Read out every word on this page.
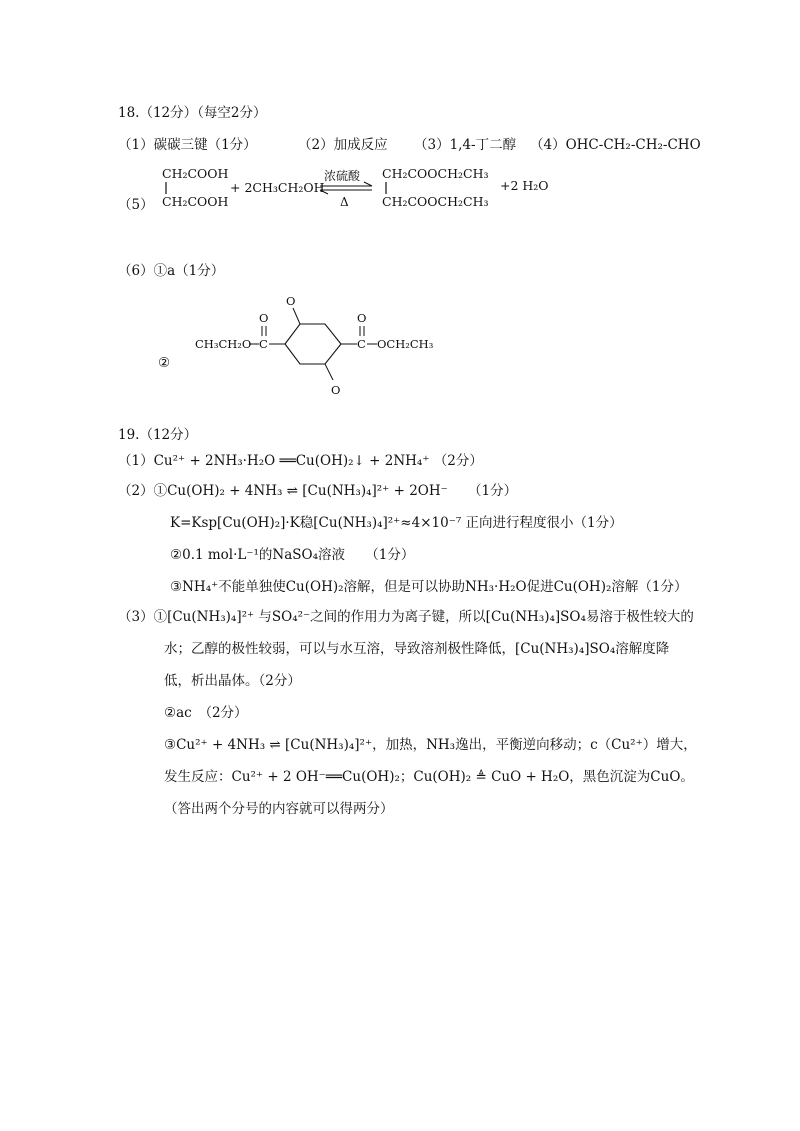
18.（12分）（每空2分）
（1）碳碳三键（1分）	（2）加成反应 （3）1,4-丁二醇 （4）OHC-CH₂-CH₂-CHO
（5）
CH₂COOH
CH₂COOH
+ 2CH₃CH₂OH
浓硫酸
Δ
CH₂COOCH₂CH₃
CH₂COOCH₂CH₃
+2 H₂O
（6）①a（1分）
②
CH₃CH₂O C
O
O
O
C
O
OCH₂CH₃
19.（12分）
（1）Cu²⁺ + 2NH₃·H₂O ══Cu(OH)₂↓ + 2NH₄⁺ （2分）
（2）①Cu(OH)₂ + 4NH₃ ⇌ [Cu(NH₃)₄]²⁺ + 2OH⁻　　（1分）
K=Ksp[Cu(OH)₂]·K稳[Cu(NH₃)₄]²⁺≈4×10⁻⁷ 正向进行程度很小（1分）
②0.1 mol·L⁻¹的NaSO₄溶液　　（1分）
③NH₄⁺不能单独使Cu(OH)₂溶解，但是可以协助NH₃·H₂O促进Cu(OH)₂溶解（1分）
（3）①[Cu(NH₃)₄]²⁺ 与SO₄²⁻之间的作用力为离子键，所以[Cu(NH₃)₄]SO₄易溶于极性较大的
水；乙醇的极性较弱，可以与水互溶，导致溶剂极性降低，[Cu(NH₃)₄]SO₄溶解度降
低，析出晶体。（2分）
②ac　（2分）
③Cu²⁺ + 4NH₃ ⇌ [Cu(NH₃)₄]²⁺，加热，NH₃逸出，平衡逆向移动；c（Cu²⁺）增大，
发生反应：Cu²⁺ + 2 OH⁻══Cu(OH)₂；Cu(OH)₂ ≜ CuO + H₂O，黑色沉淀为CuO。
（答出两个分号的内容就可以得两分）
